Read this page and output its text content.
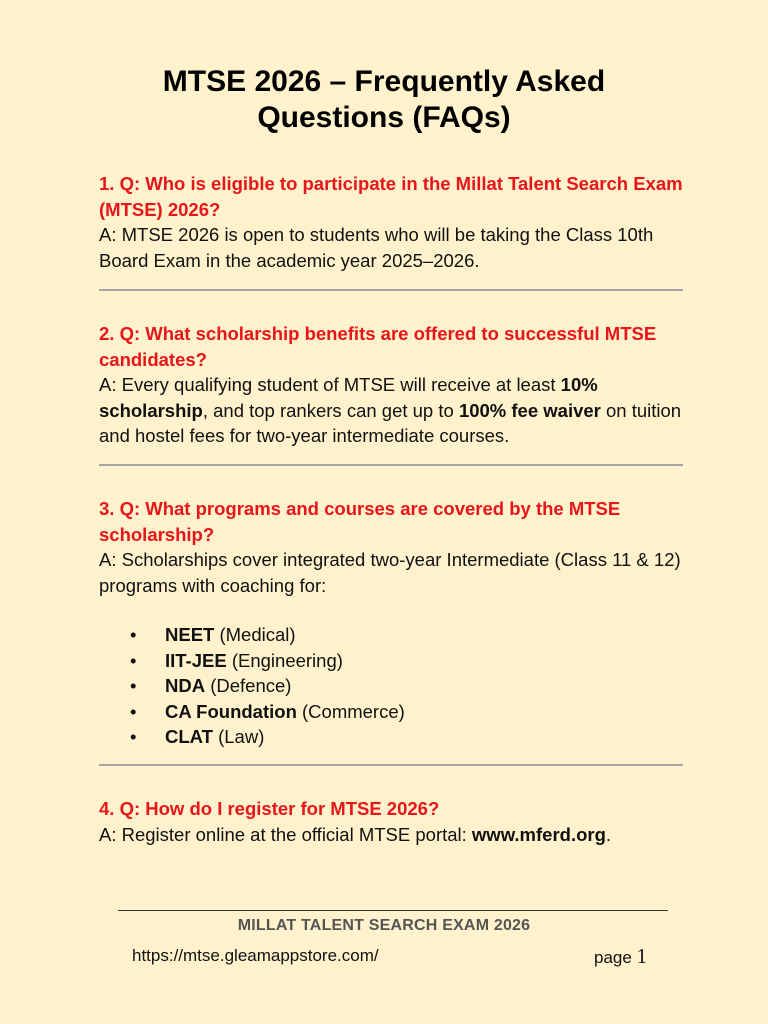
MTSE 2026 – Frequently Asked
Questions (FAQs)
1. Q: Who is eligible to participate in the Millat Talent Search Exam (MTSE) 2026?
A: MTSE 2026 is open to students who will be taking the Class 10th Board Exam in the academic year 2025–2026.
2. Q: What scholarship benefits are offered to successful MTSE candidates?
A: Every qualifying student of MTSE will receive at least 10% scholarship, and top rankers can get up to 100% fee waiver on tuition and hostel fees for two-year intermediate courses.
3. Q: What programs and courses are covered by the MTSE scholarship?
A: Scholarships cover integrated two-year Intermediate (Class 11 & 12) programs with coaching for:
• NEET (Medical)
• IIT-JEE (Engineering)
• NDA (Defence)
• CA Foundation (Commerce)
• CLAT (Law)
4. Q: How do I register for MTSE 2026?
A: Register online at the official MTSE portal: www.mferd.org.
MILLAT TALENT SEARCH EXAM 2026
https://mtse.gleamappstore.com/	page 1
